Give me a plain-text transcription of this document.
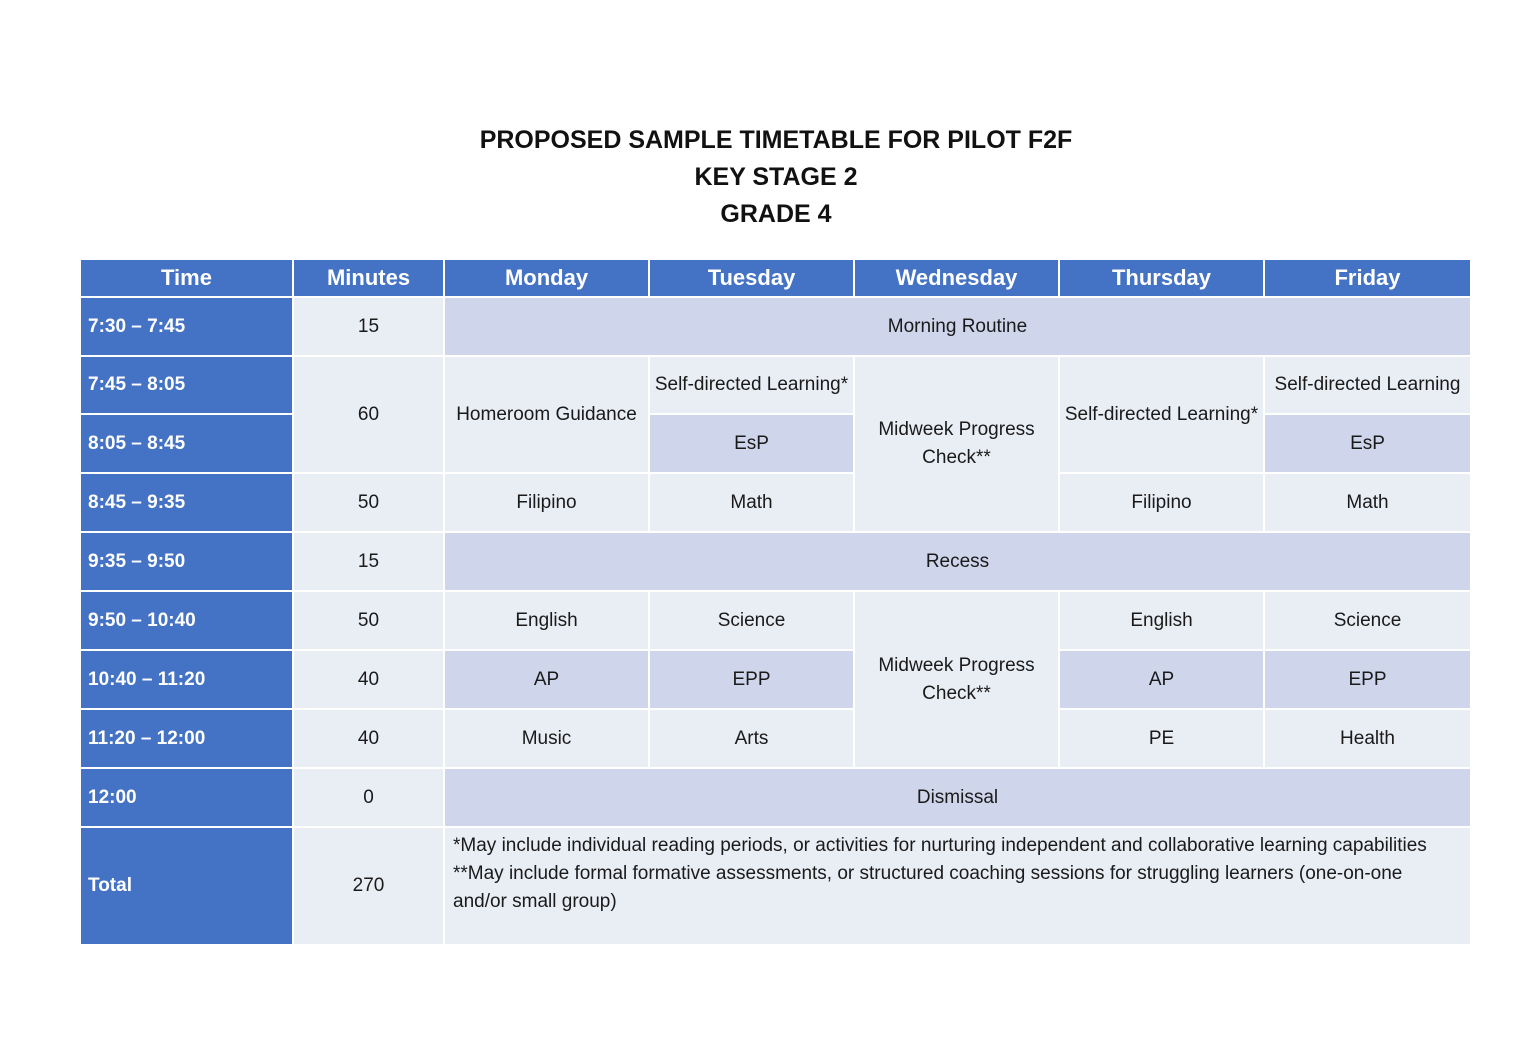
PROPOSED SAMPLE TIMETABLE FOR PILOT F2F
KEY STAGE 2
GRADE 4
Time	Minutes	Monday	Tuesday	Wednesday	Thursday	Friday
7:30 – 7:45	15	Morning Routine				
7:45 – 8:05	60	Homeroom Guidance	Self-directed Learning*	Midweek Progress Check**	Self-directed Learning*	Self-directed Learning
8:05 – 8:45			EsP			EsP
8:45 – 9:35	50	Filipino	Math		Filipino	Math
9:35 – 9:50	15	Recess				
9:50 – 10:40	50	English	Science	Midweek Progress Check**	English	Science
10:40 – 11:20	40	AP	EPP		AP	EPP
11:20 – 12:00	40	Music	Arts		PE	Health
12:00	0	Dismissal				
Total	270	*May include individual reading periods, or activities for nurturing independent and collaborative learning capabilities
**May include formal formative assessments, or structured coaching sessions for struggling learners (one-on-one and/or small group)				
